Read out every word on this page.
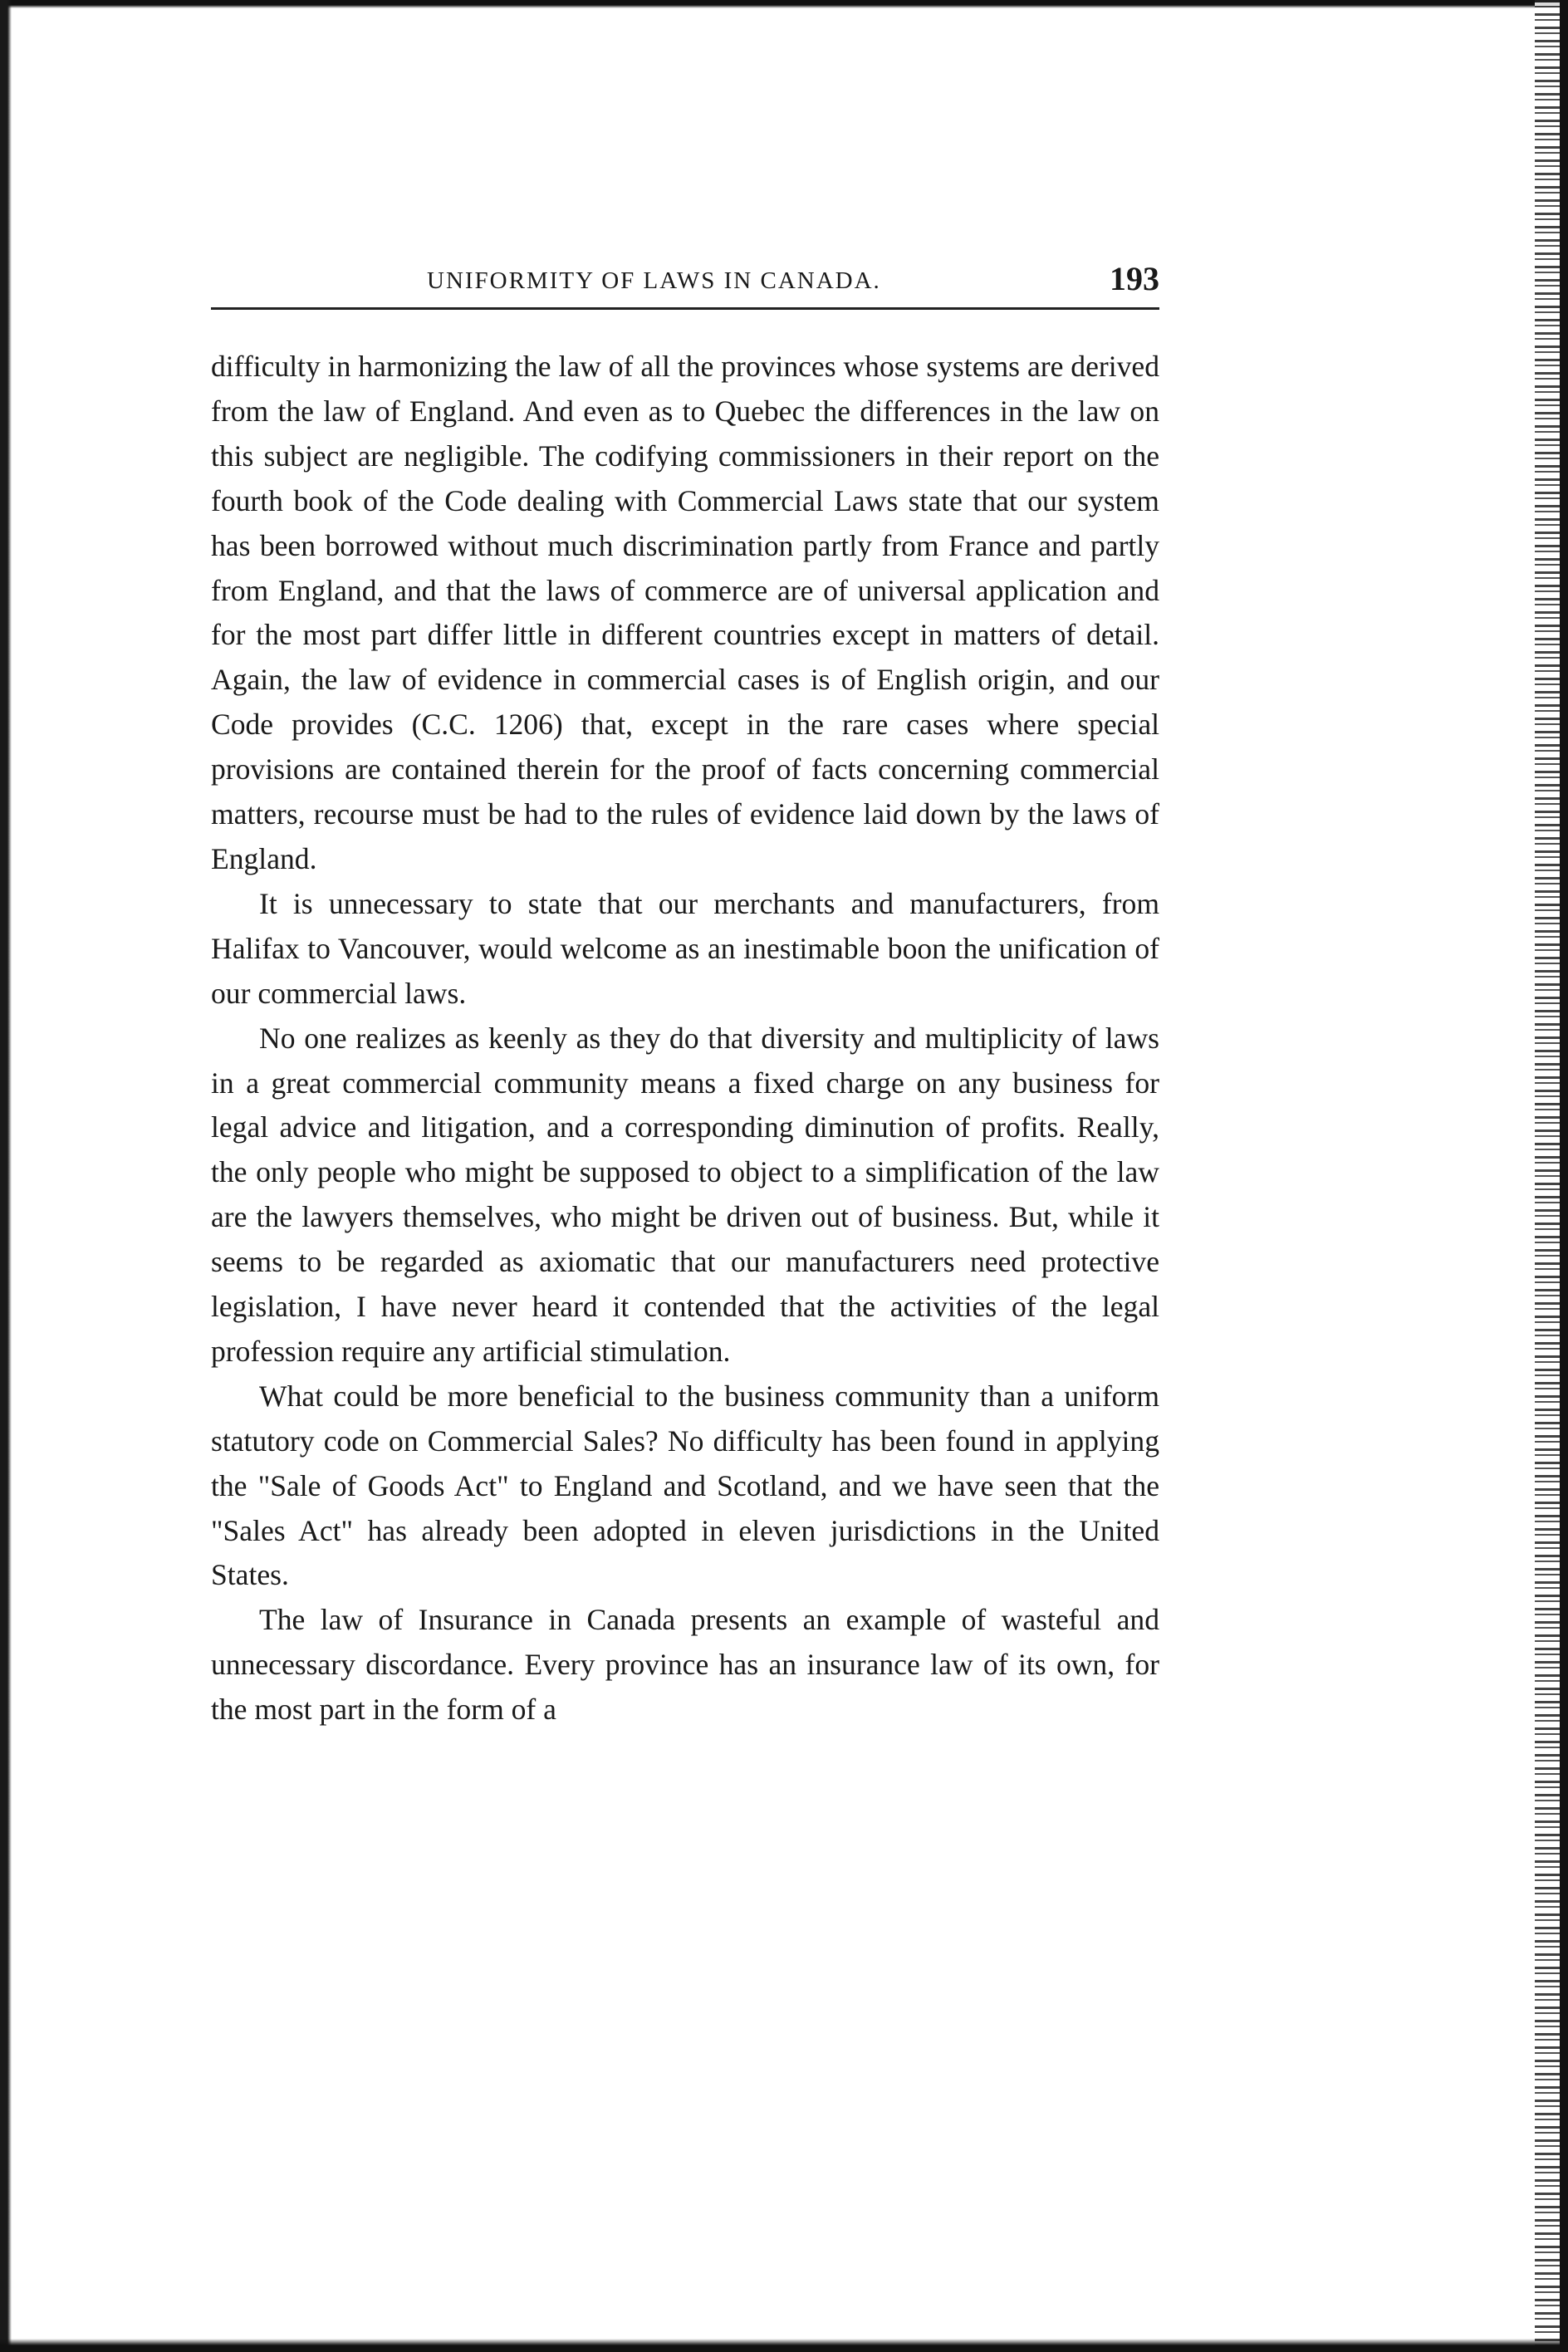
UNIFORMITY OF LAWS IN CANADA.	193

difficulty in harmonizing the law of all the provinces whose systems are derived from the law of England. And even as to Quebec the differences in the law on this subject are negligible. The codifying commissioners in their report on the fourth book of the Code dealing with Commercial Laws state that our system has been borrowed without much discrimination partly from France and partly from England, and that the laws of commerce are of universal application and for the most part differ little in different countries except in matters of detail. Again, the law of evidence in commercial cases is of English origin, and our Code provides (C.C. 1206) that, except in the rare cases where special provisions are contained therein for the proof of facts concerning commercial matters, recourse must be had to the rules of evidence laid down by the laws of England.

It is unnecessary to state that our merchants and manufacturers, from Halifax to Vancouver, would welcome as an inestimable boon the unification of our commercial laws.

No one realizes as keenly as they do that diversity and multiplicity of laws in a great commercial community means a fixed charge on any business for legal advice and litigation, and a corresponding diminution of profits. Really, the only people who might be supposed to object to a simplification of the law are the lawyers themselves, who might be driven out of business. But, while it seems to be regarded as axiomatic that our manufacturers need protective legislation, I have never heard it contended that the activities of the legal profession require any artificial stimulation.

What could be more beneficial to the business community than a uniform statutory code on Commercial Sales? No difficulty has been found in applying the "Sale of Goods Act" to England and Scotland, and we have seen that the "Sales Act" has already been adopted in eleven jurisdictions in the United States.

The law of Insurance in Canada presents an example of wasteful and unnecessary discordance. Every province has an insurance law of its own, for the most part in the form of a
